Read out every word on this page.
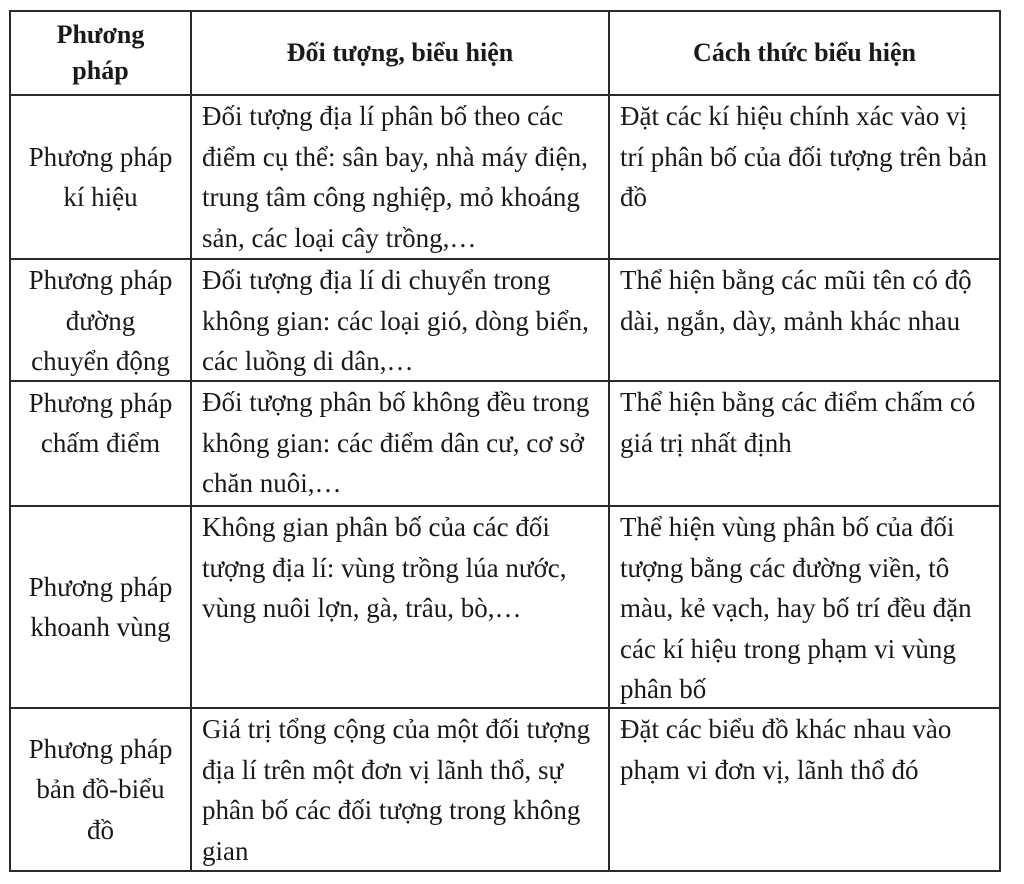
Phương pháp	Đối tượng, biểu hiện	Cách thức biểu hiện

Phương pháp kí hiệu	Đối tượng địa lí phân bố theo các điểm cụ thể: sân bay, nhà máy điện, trung tâm công nghiệp, mỏ khoáng sản, các loại cây trồng,…	Đặt các kí hiệu chính xác vào vị trí phân bố của đối tượng trên bản đồ

Phương pháp đường chuyển động	Đối tượng địa lí di chuyển trong không gian: các loại gió, dòng biển, các luồng di dân,…	Thể hiện bằng các mũi tên có độ dài, ngắn, dày, mảnh khác nhau

Phương pháp chấm điểm	Đối tượng phân bố không đều trong không gian: các điểm dân cư, cơ sở chăn nuôi,…	Thể hiện bằng các điểm chấm có giá trị nhất định

Phương pháp khoanh vùng	Không gian phân bố của các đối tượng địa lí: vùng trồng lúa nước, vùng nuôi lợn, gà, trâu, bò,…	Thể hiện vùng phân bố của đối tượng bằng các đường viền, tô màu, kẻ vạch, hay bố trí đều đặn các kí hiệu trong phạm vi vùng phân bố

Phương pháp bản đồ-biểu đồ	Giá trị tổng cộng của một đối tượng địa lí trên một đơn vị lãnh thổ, sự phân bố các đối tượng trong không gian	Đặt các biểu đồ khác nhau vào phạm vi đơn vị, lãnh thổ đó
